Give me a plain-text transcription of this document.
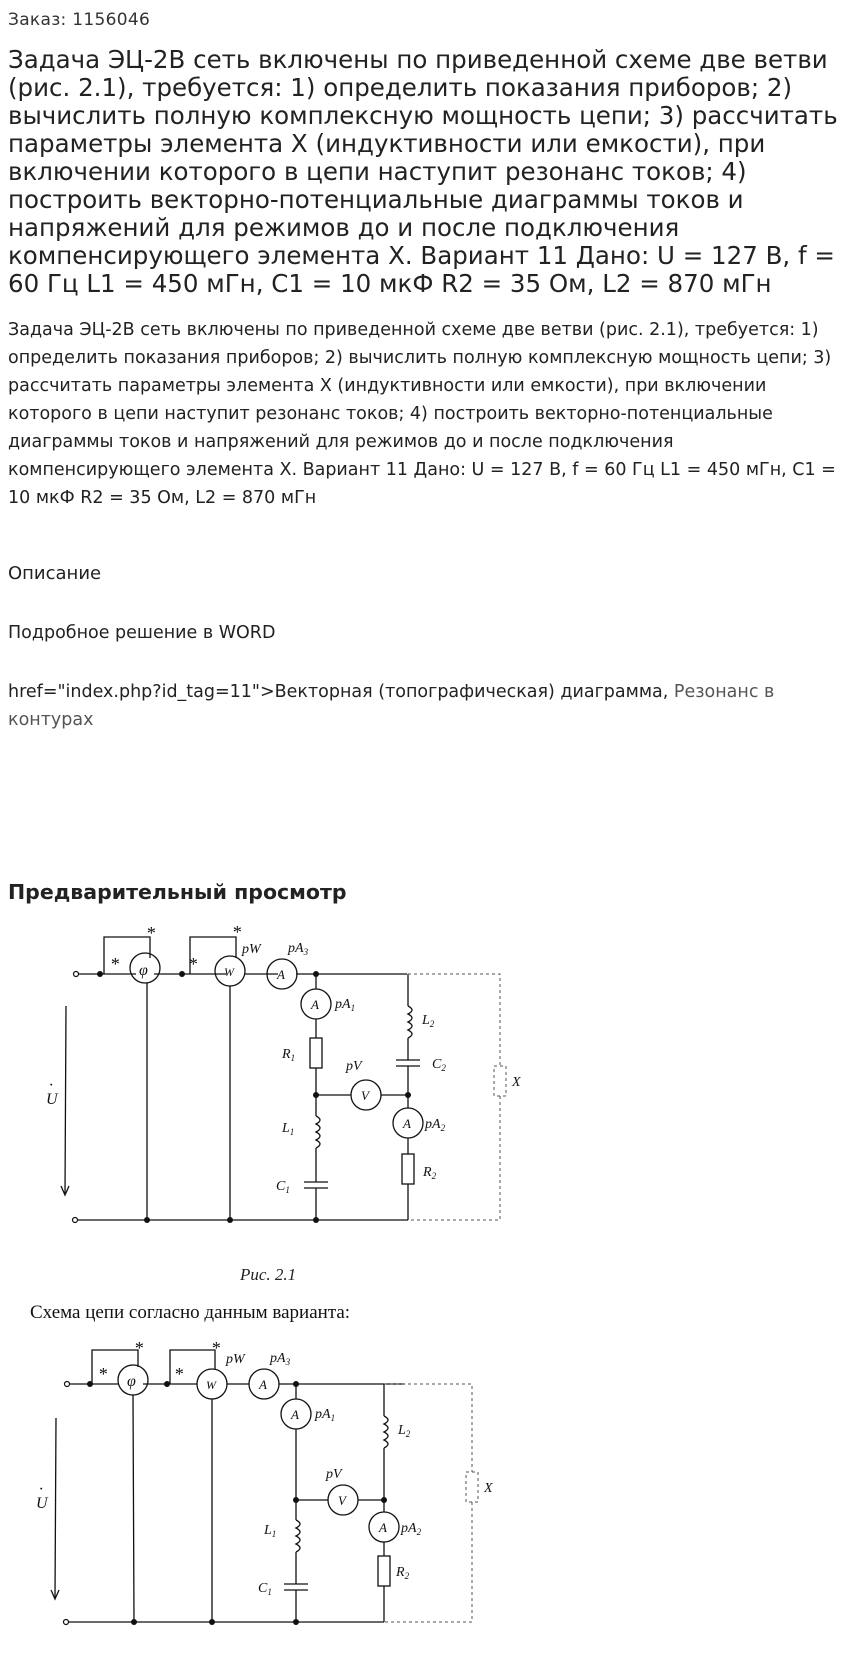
Заказ: 1156046
Задача ЭЦ-2В сеть включены по приведенной схеме две ветви (рис. 2.1), требуется: 1) определить показания приборов; 2) вычислить полную комплексную мощность цепи; 3) рассчитать параметры элемента Х (индуктивности или емкости), при включении которого в цепи наступит резонанс токов; 4) построить векторно-потенциальные диаграммы токов и напряжений для режимов до и после подключения компенсирующего элемента Х. Вариант 11 Дано: U = 127 В, f = 60 Гц L1 = 450 мГн, С1 = 10 мкФ R2 = 35 Ом, L2 = 870 мГн
Задача ЭЦ-2В сеть включены по приведенной схеме две ветви (рис. 2.1), требуется: 1) определить показания приборов; 2) вычислить полную комплексную мощность цепи; 3) рассчитать параметры элемента Х (индуктивности или емкости), при включении которого в цепи наступит резонанс токов; 4) построить векторно-потенциальные диаграммы токов и напряжений для режимов до и после подключения компенсирующего элемента Х. Вариант 11 Дано: U = 127 В, f = 60 Гц L1 = 450 мГн, С1 = 10 мкФ R2 = 35 Ом, L2 = 870 мГн
Описание
Подробное решение в WORD
href="index.php?id_tag=11">Векторная (топографическая) диаграмма, Резонанс в контурах
Предварительный просмотр
φ	W	A
A
V
A
*
*
*
*
pW $pA_3$
$pA_1$
pV
$pA_2$
$R_1$
$L_1$
$C_1$
$L_2$
$C_2$
$R_2$
X
U
·
Рис. 2.1
Схема цепи согласно данным варианта:
φ	W	A
A
V
A
*
*
*
*
pW $pA_3$
$pA_1$
pV
$pA_2$
$L_1$
$C_1$
$L_2$
$R_2$
X
U
·
